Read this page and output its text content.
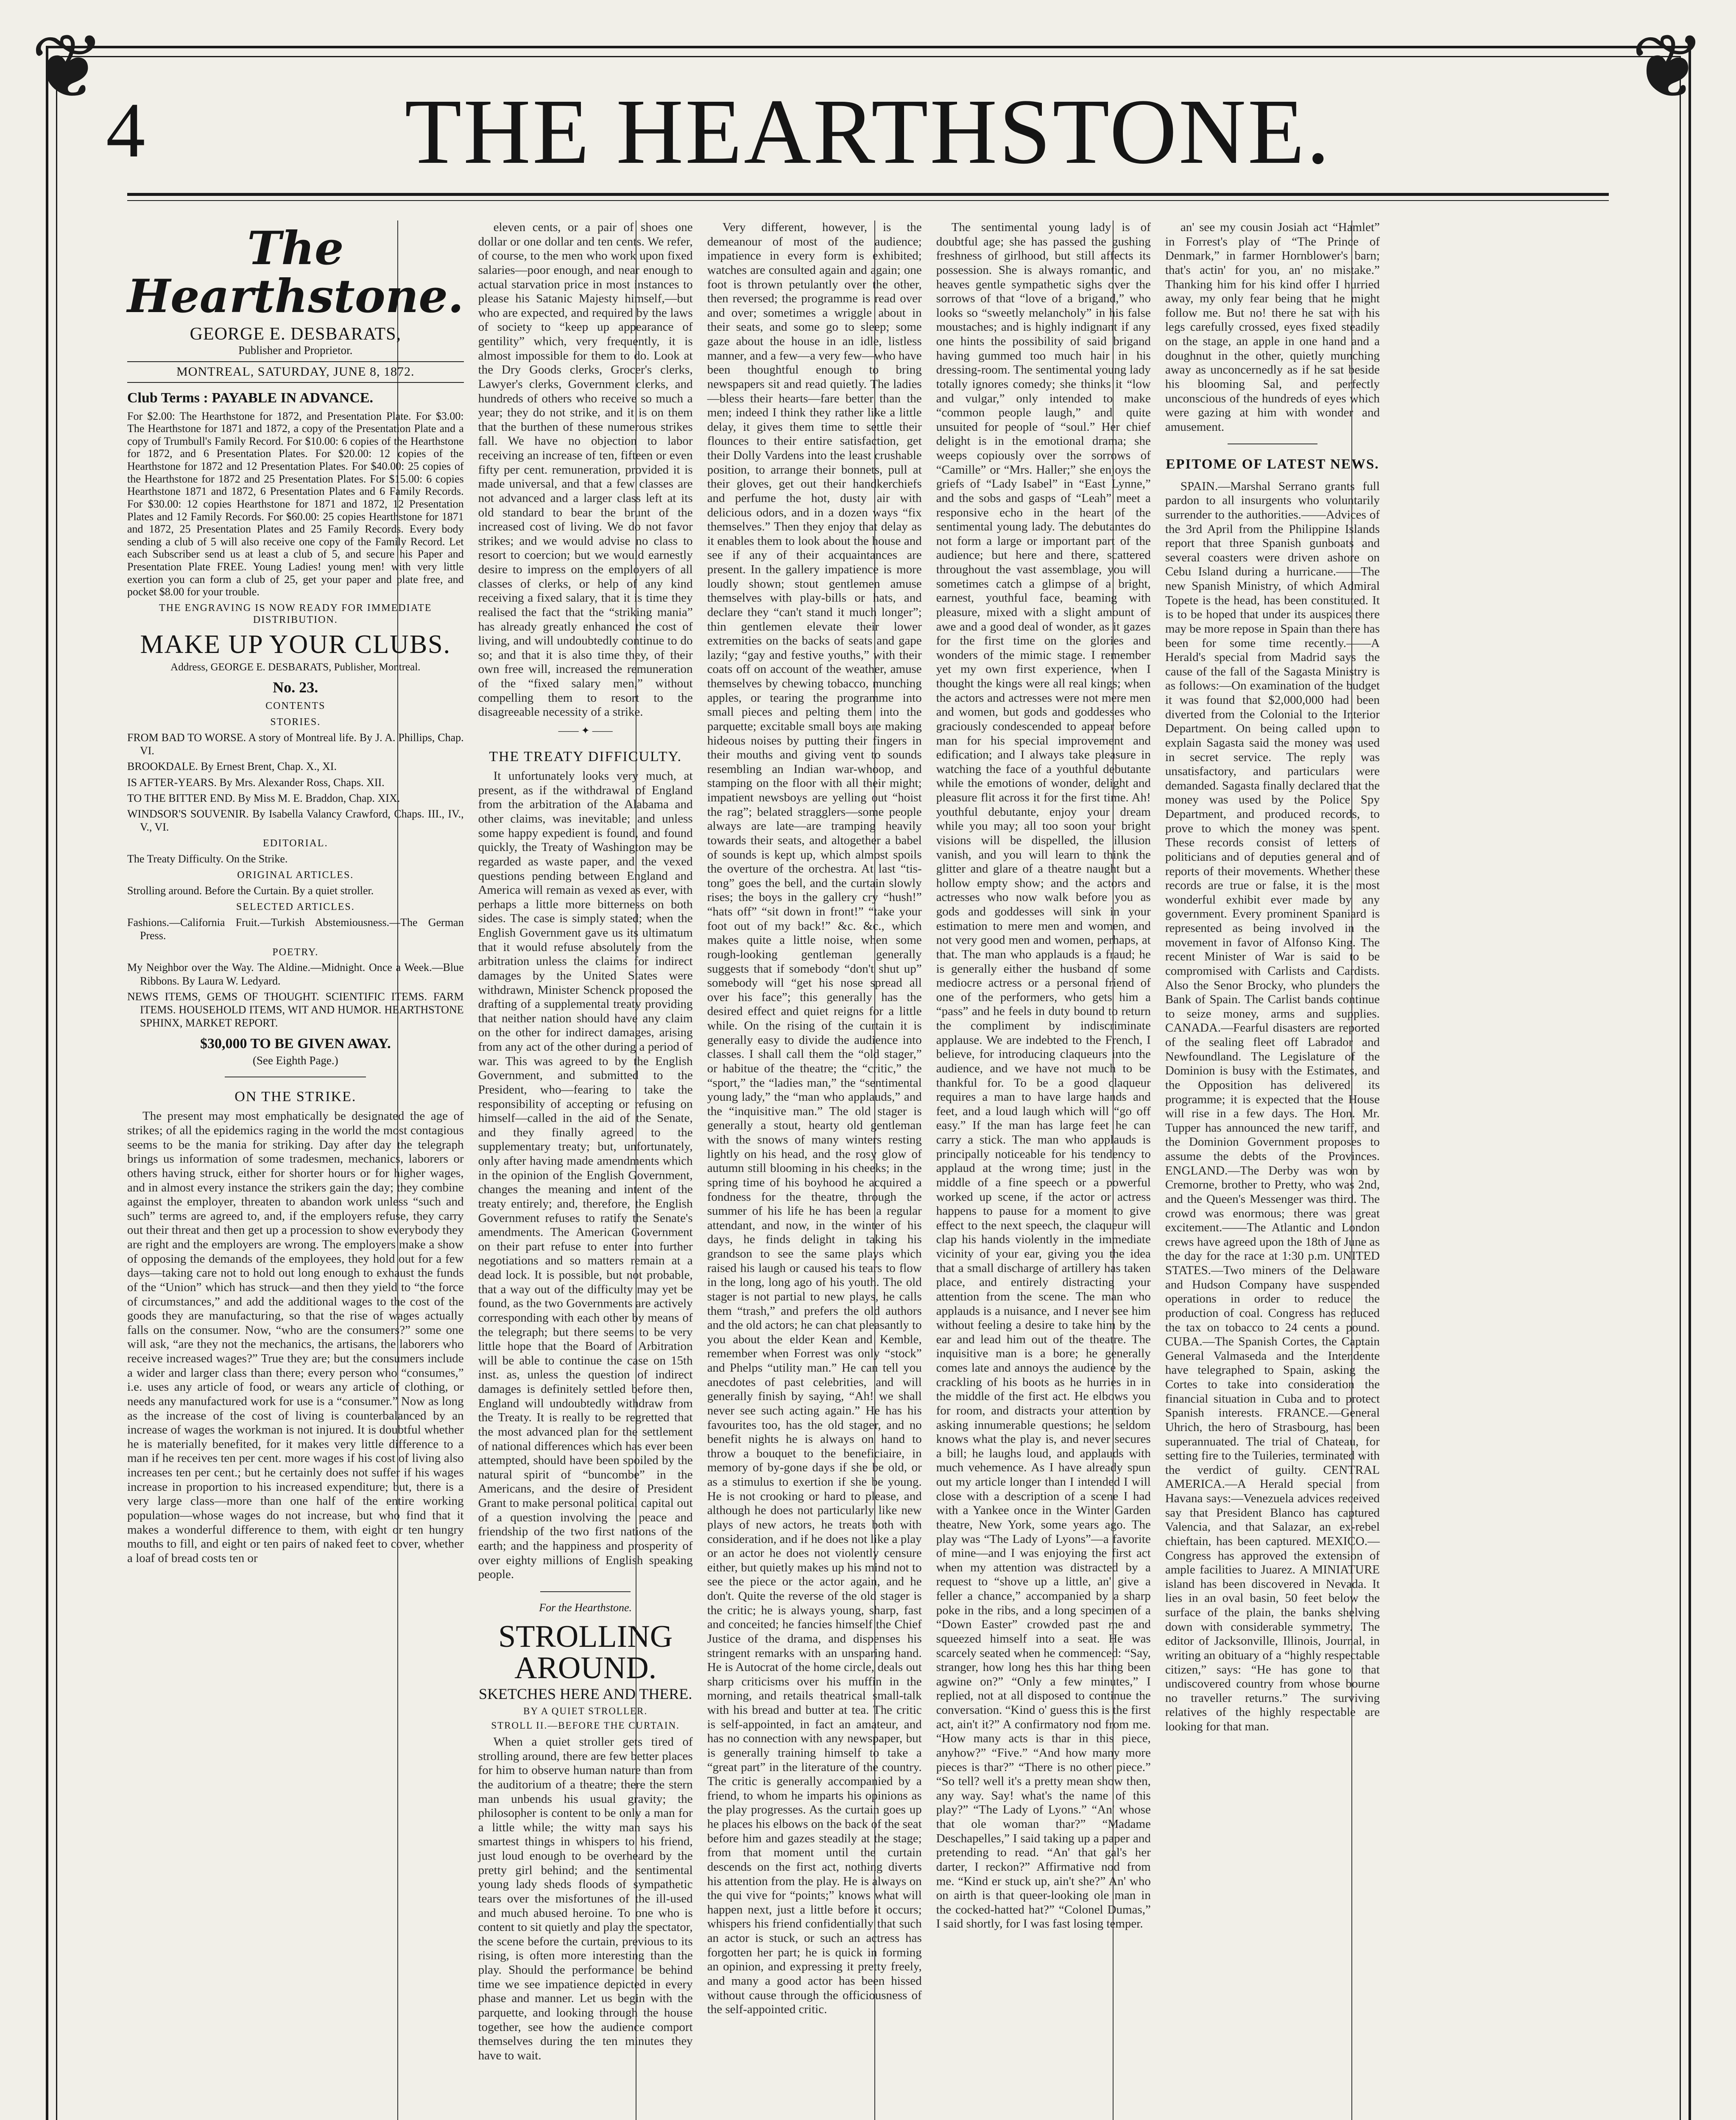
❦	❦
4	THE HEARTHSTONE.
The Hearthstone.
GEORGE E. DESBARATS,
Publisher and Proprietor.
MONTREAL, SATURDAY, JUNE 8, 1872.
Club Terms : PAYABLE IN ADVANCE.
For $2.00: The Hearthstone for 1872, and Presentation Plate. For $3.00: The Hearthstone for 1871 and 1872, a copy of the Presentation Plate and a copy of Trumbull's Family Record. For $10.00: 6 copies of the Hearthstone for 1872, and 6 Presentation Plates. For $20.00: 12 copies of the Hearthstone for 1872 and 12 Presentation Plates. For $40.00: 25 copies of the Hearthstone for 1872 and 25 Presentation Plates. For $15.00: 6 copies Hearthstone 1871 and 1872, 6 Presentation Plates and 6 Family Records. For $30.00: 12 copies Hearthstone for 1871 and 1872, 12 Presentation Plates and 12 Family Records. For $60.00: 25 copies Hearthstone for 1871 and 1872, 25 Presentation Plates and 25 Family Records. Every body sending a club of 5 will also receive one copy of the Family Record. Let each Subscriber send us at least a club of 5, and secure his Paper and Presentation Plate FREE. Young Ladies! young men! with very little exertion you can form a club of 25, get your paper and plate free, and pocket $8.00 for your trouble.
THE ENGRAVING IS NOW READY FOR IMMEDIATE DISTRIBUTION.
MAKE UP YOUR CLUBS.
Address, GEORGE E. DESBARATS, Publisher, Montreal.
No. 23.
CONTENTS
STORIES.
FROM BAD TO WORSE. A story of Montreal life. By J. A. Phillips, Chap. VI.
BROOKDALE. By Ernest Brent, Chap. X., XI.
IS AFTER-YEARS. By Mrs. Alexander Ross, Chaps. XII.
TO THE BITTER END. By Miss M. E. Braddon, Chap. XIX.
WINDSOR'S SOUVENIR. By Isabella Valancy Crawford, Chaps. III., IV., V., VI.
EDITORIAL.
The Treaty Difficulty. On the Strike.
ORIGINAL ARTICLES.
Strolling around. Before the Curtain. By a quiet stroller.
SELECTED ARTICLES.
Fashions.—California Fruit.—Turkish Abstemiousness.—The German Press.
POETRY.
My Neighbor over the Way. The Aldine.—Midnight. Once a Week.—Blue Ribbons. By Laura W. Ledyard.
NEWS ITEMS, GEMS OF THOUGHT. SCIENTIFIC ITEMS. FARM ITEMS. HOUSEHOLD ITEMS, WIT AND HUMOR. HEARTHSTONE SPHINX, MARKET REPORT.
$30,000 TO BE GIVEN AWAY.
(See Eighth Page.)
ON THE STRIKE.

The present may most emphatically be designated the age of strikes; of all the epidemics raging in the world the most contagious seems to be the mania for striking. Day after day the telegraph brings us information of some tradesmen, mechanics, laborers or others having struck, either for shorter hours or for higher wages, and in almost every instance the strikers gain the day; they combine against the employer, threaten to abandon work unless “such and such” terms are agreed to, and, if the employers refuse, they carry out their threat and then get up a procession to show everybody they are right and the employers are wrong. The employers make a show of opposing the demands of the employees, they hold out for a few days—taking care not to hold out long enough to exhaust the funds of the “Union” which has struck—and then they yield to “the force of circumstances,” and add the additional wages to the cost of the goods they are manufacturing, so that the rise of wages actually falls on the consumer. Now, “who are the consumers?” some one will ask, “are they not the mechanics, the artisans, the laborers who receive increased wages?” True they are; but the consumers include a wider and larger class than there; every person who “consumes,” i.e. uses any article of food, or wears any article of clothing, or needs any manufactured work for use is a “consumer.” Now as long as the increase of the cost of living is counterbalanced by an increase of wages the workman is not injured. It is doubtful whether he is materially benefited, for it makes very little difference to a man if he receives ten per cent. more wages if his cost of living also increases ten per cent.; but he certainly does not suffer if his wages increase in proportion to his increased expenditure; but, there is a very large class—more than one half of the entire working population—whose wages do not increase, but who find that it makes a wonderful difference to them, with eight or ten hungry mouths to fill, and eight or ten pairs of naked feet to cover, whether a loaf of bread costs ten or

eleven cents, or a pair of shoes one dollar or one dollar and ten cents. We refer, of course, to the men who work upon fixed salaries—poor enough, and near enough to actual starvation price in most instances to please his Satanic Majesty himself,—but who are expected, and required by the laws of society to “keep up appearance of gentility” which, very frequently, it is almost impossible for them to do. Look at the Dry Goods clerks, Grocer's clerks, Lawyer's clerks, Government clerks, and hundreds of others who receive so much a year; they do not strike, and it is on them that the burthen of these numerous strikes fall. We have no objection to labor receiving an increase of ten, fifteen or even fifty per cent. remuneration, provided it is made universal, and that a few classes are not advanced and a larger class left at its old standard to bear the brunt of the increased cost of living. We do not favor strikes; and we would advise no class to resort to coercion; but we would earnestly desire to impress on the employers of all classes of clerks, or help of any kind receiving a fixed salary, that it is time they realised the fact that the “striking mania” has already greatly enhanced the cost of living, and will undoubtedly continue to do so; and that it is also time they, of their own free will, increased the remuneration of the “fixed salary men,” without compelling them to resort to the disagreeable necessity of a strike.

—— ✦ ——
THE TREATY DIFFICULTY.

It unfortunately looks very much, at present, as if the withdrawal of England from the arbitration of the Alabama and other claims, was inevitable; and unless some happy expedient is found, and found quickly, the Treaty of Washington may be regarded as waste paper, and the vexed questions pending between England and America will remain as vexed as ever, with perhaps a little more bitterness on both sides. The case is simply stated; when the English Government gave us its ultimatum that it would refuse absolutely from the arbitration unless the claims for indirect damages by the United States were withdrawn, Minister Schenck proposed the drafting of a supplemental treaty providing that neither nation should have any claim on the other for indirect damages, arising from any act of the other during a period of war. This was agreed to by the English Government, and submitted to the President, who—fearing to take the responsibility of accepting or refusing on himself—called in the aid of the Senate, and they finally agreed to the supplementary treaty; but, unfortunately, only after having made amendments which in the opinion of the English Government, changes the meaning and intent of the treaty entirely; and, therefore, the English Government refuses to ratify the Senate's amendments. The American Government on their part refuse to enter into further negotiations and so matters remain at a dead lock. It is possible, but not probable, that a way out of the difficulty may yet be found, as the two Governments are actively corresponding with each other by means of the telegraph; but there seems to be very little hope that the Board of Arbitration will be able to continue the case on 15th inst. as, unless the question of indirect damages is definitely settled before then, England will undoubtedly withdraw from the Treaty. It is really to be regretted that the most advanced plan for the settlement of national differences which has ever been attempted, should have been spoiled by the natural spirit of “buncombe” in the Americans, and the desire of President Grant to make personal political capital out of a question involving the peace and friendship of the two first nations of the earth; and the happiness and prosperity of over eighty millions of English speaking people.

For the Hearthstone.
STROLLING AROUND.
SKETCHES HERE AND THERE.
BY A QUIET STROLLER.
STROLL II.—BEFORE THE CURTAIN.

When a quiet stroller gets tired of strolling around, there are few better places for him to observe human nature than from the auditorium of a theatre; there the stern man unbends his usual gravity; the philosopher is content to be only a man for a little while; the witty man says his smartest things in whispers to his friend, just loud enough to be overheard by the pretty girl behind; and the sentimental young lady sheds floods of sympathetic tears over the misfortunes of the ill-used and much abused heroine. To one who is content to sit quietly and play the spectator, the scene before the curtain, previous to its rising, is often more interesting than the play. Should the performance be behind time we see impatience depicted in every phase and manner. Let us begin with the parquette, and looking through the house together, see how the audience comport themselves during the ten minutes they have to wait.

Very different, however, is the demeanour of most of the audience; impatience in every form is exhibited; watches are consulted again and again; one foot is thrown petulantly over the other, then reversed; the programme is read over and over; sometimes a wriggle about in their seats, and some go to sleep; some gaze about the house in an idle, listless manner, and a few—a very few—who have been thoughtful enough to bring newspapers sit and read quietly. The ladies—bless their hearts—fare better than the men; indeed I think they rather like a little delay, it gives them time to settle their flounces to their entire satisfaction, get their Dolly Vardens into the least crushable position, to arrange their bonnets, pull at their gloves, get out their handkerchiefs and perfume the hot, dusty air with delicious odors, and in a dozen ways “fix themselves.” Then they enjoy that delay as it enables them to look about the house and see if any of their acquaintances are present. In the gallery impatience is more loudly shown; stout gentlemen amuse themselves with play-bills or hats, and declare they “can't stand it much longer”; thin gentlemen elevate their lower extremities on the backs of seats and gape lazily; “gay and festive youths,” with their coats off on account of the weather, amuse themselves by chewing tobacco, munching apples, or tearing the programme into small pieces and pelting them into the parquette; excitable small boys are making hideous noises by putting their fingers in their mouths and giving vent to sounds resembling an Indian war-whoop, and stamping on the floor with all their might; impatient newsboys are yelling out “hoist the rag”; belated stragglers—some people always are late—are tramping heavily towards their seats, and altogether a babel of sounds is kept up, which almost spoils the overture of the orchestra. At last “tis-tong” goes the bell, and the curtain slowly rises; the boys in the gallery cry “hush!” “hats off” “sit down in front!” “take your foot out of my back!” &c. &c., which makes quite a little noise, when some rough-looking gentleman generally suggests that if somebody “don't shut up” somebody will “get his nose spread all over his face”; this generally has the desired effect and quiet reigns for a little while. On the rising of the curtain it is generally easy to divide the audience into classes. I shall call them the “old stager,” or habitue of the theatre; the “critic,” the “sport,” the “ladies man,” the “sentimental young lady,” the “man who applauds,” and the “inquisitive man.” The old stager is generally a stout, hearty old gentleman with the snows of many winters resting lightly on his head, and the rosy glow of autumn still blooming in his cheeks; in the spring time of his boyhood he acquired a fondness for the theatre, through the summer of his life he has been a regular attendant, and now, in the winter of his days, he finds delight in taking his grandson to see the same plays which raised his laugh or caused his tears to flow in the long, long ago of his youth. The old stager is not partial to new plays, he calls them “trash,” and prefers the old authors and the old actors; he can chat pleasantly to you about the elder Kean and Kemble, remember when Forrest was only “stock” and Phelps “utility man.” He can tell you anecdotes of past celebrities, and will generally finish by saying, “Ah! we shall never see such acting again.” He has his favourites too, has the old stager, and no benefit nights he is always on hand to throw a bouquet to the beneficiaire, in memory of by-gone days if she be old, or as a stimulus to exertion if she be young. He is not crooking or hard to please, and although he does not particularly like new plays of new actors, he treats both with consideration, and if he does not like a play or an actor he does not violently censure either, but quietly makes up his mind not to see the piece or the actor again, and he don't. Quite the reverse of the old stager is the critic; he is always young, sharp, fast and conceited; he fancies himself the Chief Justice of the drama, and dispenses his stringent remarks with an unsparing hand. He is Autocrat of the home circle, deals out sharp criticisms over his muffin in the morning, and retails theatrical small-talk with his bread and butter at tea. The critic is self-appointed, in fact an amateur, and has no connection with any newspaper, but is generally training himself to take a “great part” in the literature of the country. The critic is generally accompanied by a friend, to whom he imparts his opinions as the play progresses. As the curtain goes up he places his elbows on the back of the seat before him and gazes steadily at the stage; from that moment until the curtain descends on the first act, nothing diverts his attention from the play. He is always on the qui vive for “points;” knows what will happen next, just a little before it occurs; whispers his friend confidentially that such an actor is stuck, or such an actress has forgotten her part; he is quick in forming an opinion, and expressing it pretty freely, and many a good actor has been hissed without cause through the officiousness of the self-appointed critic.

The sentimental young lady is of doubtful age; she has passed the gushing freshness of girlhood, but still affects its possession. She is always romantic, and heaves gentle sympathetic sighs over the sorrows of that “love of a brigand,” who looks so “sweetly melancholy” in his false moustaches; and is highly indignant if any one hints the possibility of said brigand having gummed too much hair in his dressing-room. The sentimental young lady totally ignores comedy; she thinks it “low and vulgar,” only intended to make “common people laugh,” and quite unsuited for people of “soul.” Her chief delight is in the emotional drama; she weeps copiously over the sorrows of “Camille” or “Mrs. Haller;” she enjoys the griefs of “Lady Isabel” in “East Lynne,” and the sobs and gasps of “Leah” meet a responsive echo in the heart of the sentimental young lady. The debutantes do not form a large or important part of the audience; but here and there, scattered throughout the vast assemblage, you will sometimes catch a glimpse of a bright, earnest, youthful face, beaming with pleasure, mixed with a slight amount of awe and a good deal of wonder, as it gazes for the first time on the glories and wonders of the mimic stage. I remember yet my own first experience, when I thought the kings were all real kings; when the actors and actresses were not mere men and women, but gods and goddesses who graciously condescended to appear before man for his special improvement and edification; and I always take pleasure in watching the face of a youthful debutante while the emotions of wonder, delight and pleasure flit across it for the first time. Ah! youthful debutante, enjoy your dream while you may; all too soon your bright visions will be dispelled, the illusion vanish, and you will learn to think the glitter and glare of a theatre naught but a hollow empty show; and the actors and actresses who now walk before you as gods and goddesses will sink in your estimation to mere men and women, and not very good men and women, perhaps, at that. The man who applauds is a fraud; he is generally either the husband of some mediocre actress or a personal friend of one of the performers, who gets him a “pass” and he feels in duty bound to return the compliment by indiscriminate applause. We are indebted to the French, I believe, for introducing claqueurs into the audience, and we have not much to be thankful for. To be a good claqueur requires a man to have large hands and feet, and a loud laugh which will “go off easy.” If the man has large feet he can carry a stick. The man who applauds is principally noticeable for his tendency to applaud at the wrong time; just in the middle of a fine speech or a powerful worked up scene, if the actor or actress happens to pause for a moment to give effect to the next speech, the claqueur will clap his hands violently in the immediate vicinity of your ear, giving you the idea that a small discharge of artillery has taken place, and entirely distracting your attention from the scene. The man who applauds is a nuisance, and I never see him without feeling a desire to take him by the ear and lead him out of the theatre. The inquisitive man is a bore; he generally comes late and annoys the audience by the crackling of his boots as he hurries in in the middle of the first act. He elbows you for room, and distracts your attention by asking innumerable questions; he seldom knows what the play is, and never secures a bill; he laughs loud, and applauds with much vehemence. As I have already spun out my article longer than I intended I will close with a description of a scene I had with a Yankee once in the Winter Garden theatre, New York, some years ago. The play was “The Lady of Lyons”—a favorite of mine—and I was enjoying the first act when my attention was distracted by a request to “shove up a little, an' give a feller a chance,” accompanied by a sharp poke in the ribs, and a long specimen of a “Down Easter” crowded past me and squeezed himself into a seat. He was scarcely seated when he commenced: “Say, stranger, how long hes this har thing been agwine on?” “Only a few minutes,” I replied, not at all disposed to continue the conversation. “Kind o' guess this is the first act, ain't it?” A confirmatory nod from me. “How many acts is thar in this piece, anyhow?” “Five.” “And how many more pieces is thar?” “There is no other piece.” “So tell? well it's a pretty mean show then, any way. Say! what's the name of this play?” “The Lady of Lyons.” “An' whose that ole woman thar?” “Madame Deschapelles,” I said taking up a paper and pretending to read. “An' that gal's her darter, I reckon?” Affirmative nod from me. “Kind er stuck up, ain't she?” An' who on airth is that queer-looking ole man in the cocked-hatted hat?” “Colonel Dumas,” I said shortly, for I was fast losing temper.

an' see my cousin Josiah act “Hamlet” in Forrest's play of “The Prince of Denmark,” in farmer Hornblower's barn; that's actin' for you, an' no mistake.” Thanking him for his kind offer I hurried away, my only fear being that he might follow me. But no! there he sat with his legs carefully crossed, eyes fixed steadily on the stage, an apple in one hand and a doughnut in the other, quietly munching away as unconcernedly as if he sat beside his blooming Sal, and perfectly unconscious of the hundreds of eyes which were gazing at him with wonder and amusement.

EPITOME OF LATEST NEWS.

SPAIN.—Marshal Serrano grants full pardon to all insurgents who voluntarily surrender to the authorities.——Advices of the 3rd April from the Philippine Islands report that three Spanish gunboats and several coasters were driven ashore on Cebu Island during a hurricane.——The new Spanish Ministry, of which Admiral Topete is the head, has been constituted. It is to be hoped that under its auspices there may be more repose in Spain than there has been for some time recently.——A Herald's special from Madrid says the cause of the fall of the Sagasta Ministry is as follows:—On examination of the budget it was found that $2,000,000 had been diverted from the Colonial to the Interior Department. On being called upon to explain Sagasta said the money was used in secret service. The reply was unsatisfactory, and particulars were demanded. Sagasta finally declared that the money was used by the Police Spy Department, and produced records, to prove to which the money was spent. These records consist of letters of politicians and of deputies general and of reports of their movements. Whether these records are true or false, it is the most wonderful exhibit ever made by any government. Every prominent Spaniard is represented as being involved in the movement in favor of Alfonso King. The recent Minister of War is said to be compromised with Carlists and Cardists. Also the Senor Brocky, who plunders the Bank of Spain. The Carlist bands continue to seize money, arms and supplies. CANADA.—Fearful disasters are reported of the sealing fleet off Labrador and Newfoundland. The Legislature of the Dominion is busy with the Estimates, and the Opposition has delivered its programme; it is expected that the House will rise in a few days. The Hon. Mr. Tupper has announced the new tariff, and the Dominion Government proposes to assume the debts of the Provinces. ENGLAND.—The Derby was won by Cremorne, brother to Pretty, who was 2nd, and the Queen's Messenger was third. The crowd was enormous; there was great excitement.——The Atlantic and London crews have agreed upon the 18th of June as the day for the race at 1:30 p.m. UNITED STATES.—Two miners of the Delaware and Hudson Company have suspended operations in order to reduce the production of coal. Congress has reduced the tax on tobacco to 24 cents a pound. CUBA.—The Spanish Cortes, the Captain General Valmaseda and the Intendente have telegraphed to Spain, asking the Cortes to take into consideration the financial situation in Cuba and to protect Spanish interests. FRANCE.—General Uhrich, the hero of Strasbourg, has been superannuated. The trial of Chateau, for setting fire to the Tuileries, terminated with the verdict of guilty. CENTRAL AMERICA.—A Herald special from Havana says:—Venezuela advices received say that President Blanco has captured Valencia, and that Salazar, an ex-rebel chieftain, has been captured. MEXICO.—Congress has approved the extension of ample facilities to Juarez. A MINIATURE island has been discovered in Nevada. It lies in an oval basin, 50 feet below the surface of the plain, the banks shelving down with considerable symmetry. The editor of Jacksonville, Illinois, Journal, in writing an obituary of a “highly respectable citizen,” says: “He has gone to that undiscovered country from whose bourne no traveller returns.” The surviving relatives of the highly respectable are looking for that man.
